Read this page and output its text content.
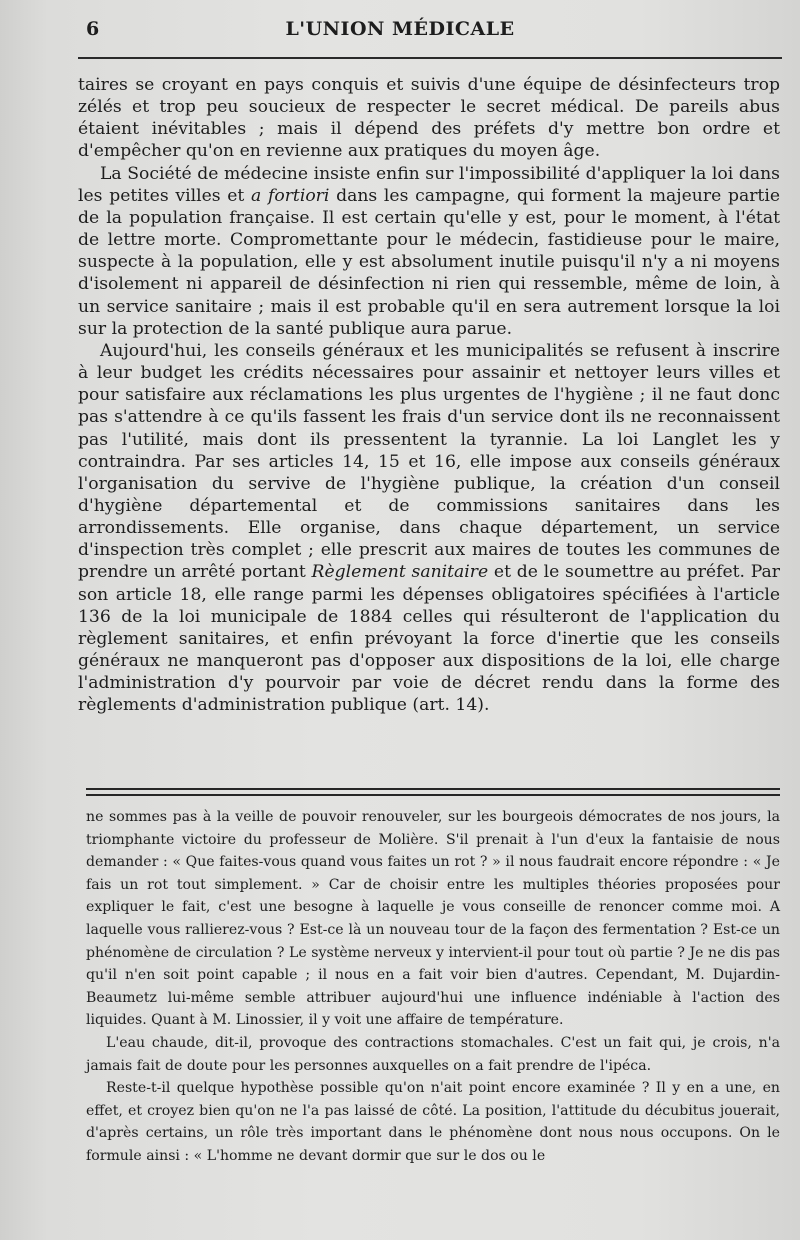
6	L'UNION MÉDICALE

taires se croyant en pays conquis et suivis d'une équipe de désinfecteurs trop zélés et trop peu soucieux de respecter le secret médical. De pareils abus étaient inévitables ; mais il dépend des préfets d'y mettre bon ordre et d'empêcher qu'on en revienne aux pratiques du moyen âge.

La Société de médecine insiste enfin sur l'impossibilité d'appliquer la loi dans les petites villes et a fortiori dans les campagne, qui forment la majeure partie de la population française. Il est certain qu'elle y est, pour le moment, à l'état de lettre morte. Compromettante pour le médecin, fastidieuse pour le maire, suspecte à la population, elle y est absolument inutile puisqu'il n'y a ni moyens d'isolement ni appareil de désinfection ni rien qui ressemble, même de loin, à un service sanitaire ; mais il est probable qu'il en sera autrement lorsque la loi sur la protection de la santé publique aura parue.

Aujourd'hui, les conseils généraux et les municipalités se refusent à inscrire à leur budget les crédits nécessaires pour assainir et nettoyer leurs villes et pour satisfaire aux réclamations les plus urgentes de l'hygiène ; il ne faut donc pas s'attendre à ce qu'ils fassent les frais d'un service dont ils ne reconnaissent pas l'utilité, mais dont ils pressentent la tyrannie. La loi Langlet les y contraindra. Par ses articles 14, 15 et 16, elle impose aux conseils généraux l'organisation du servive de l'hygiène publique, la création d'un conseil d'hygiène départemental et de commissions sanitaires dans les arrondissements. Elle organise, dans chaque département, un service d'inspection très complet ; elle prescrit aux maires de toutes les communes de prendre un arrêté portant Règlement sanitaire et de le soumettre au préfet. Par son article 18, elle range parmi les dépenses obligatoires spécifiées à l'article 136 de la loi municipale de 1884 celles qui résulteront de l'application du règlement sanitaires, et enfin prévoyant la force d'inertie que les conseils généraux ne manqueront pas d'opposer aux dispositions de la loi, elle charge l'administration d'y pourvoir par voie de décret rendu dans la forme des règlements d'administration publique (art. 14).

ne sommes pas à la veille de pouvoir renouveler, sur les bourgeois démocrates de nos jours, la triomphante victoire du professeur de Molière. S'il prenait à l'un d'eux la fantaisie de nous demander : « Que faites-vous quand vous faites un rot ? » il nous faudrait encore répondre : « Je fais un rot tout simplement. » Car de choisir entre les multiples théories proposées pour expliquer le fait, c'est une besogne à laquelle je vous conseille de renoncer comme moi. A laquelle vous rallierez-vous ? Est-ce là un nouveau tour de la façon des fermentation ? Est-ce un phénomène de circulation ? Le système nerveux y intervient-il pour tout où partie ? Je ne dis pas qu'il n'en soit point capable ; il nous en a fait voir bien d'autres. Cependant, M. Dujardin-Beaumetz lui-même semble attribuer aujourd'hui une influence indéniable à l'action des liquides. Quant à M. Linossier, il y voit une affaire de température.

L'eau chaude, dit-il, provoque des contractions stomachales. C'est un fait qui, je crois, n'a jamais fait de doute pour les personnes auxquelles on a fait prendre de l'ipéca.

Reste-t-il quelque hypothèse possible qu'on n'ait point encore examinée ? Il y en a une, en effet, et croyez bien qu'on ne l'a pas laissé de côté. La position, l'attitude du décubitus jouerait, d'après certains, un rôle très important dans le phénomène dont nous nous occupons. On le formule ainsi : « L'homme ne devant dormir que sur le dos ou le
